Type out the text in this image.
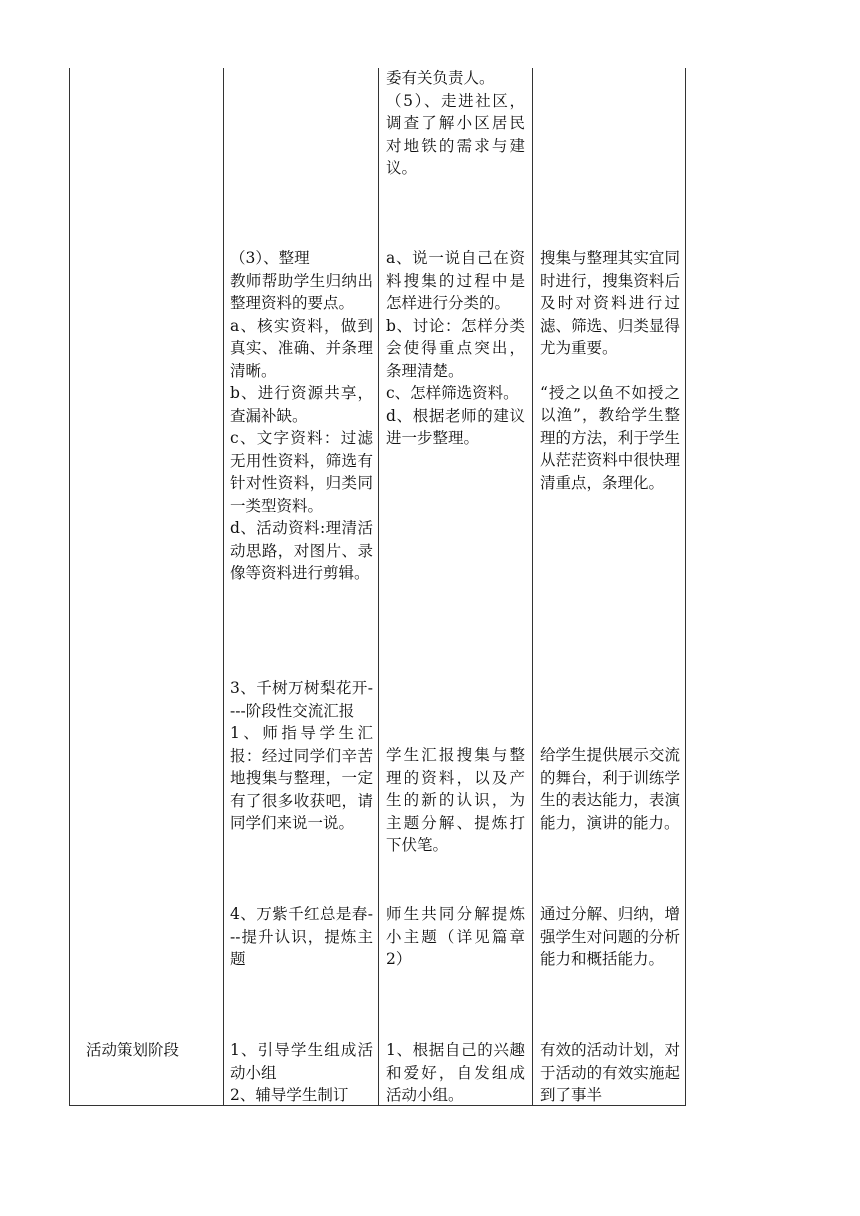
委有关负责人。

（5）、走进社区，调查了解小区居民对地铁的需求与建议。

（3）、整理

教师帮助学生归纳出整理资料的要点。

a、核实资料，做到真实、准确、并条理清晰。

b、进行资源共享，查漏补缺。

c、文字资料：过滤无用性资料，筛选有针对性资料，归类同一类型资料。

d、活动资料:理清活动思路，对图片、录像等资料进行剪辑。

a、说一说自己在资料搜集的过程中是怎样进行分类的。

b、讨论：怎样分类会使得重点突出，条理清楚。

c、怎样筛选资料。

d、根据老师的建议进一步整理。

搜集与整理其实宜同时进行，搜集资料后及时对资料进行过滤、筛选、归类显得尤为重要。

“授之以鱼不如授之以渔”，教给学生整理的方法，利于学生从茫茫资料中很快理清重点，条理化。

3、千树万树梨花开----阶段性交流汇报

1、师指导学生汇报：经过同学们辛苦地搜集与整理，一定有了很多收获吧，请同学们来说一说。

学生汇报搜集与整理的资料，以及产生的新的认识，为主题分解、提炼打下伏笔。

给学生提供展示交流的舞台，利于训练学生的表达能力，表演能力，演讲的能力。

4、万紫千红总是春---提升认识，提炼主题

师生共同分解提炼小主题（详见篇章2）

通过分解、归纳，增强学生对问题的分析能力和概括能力。

活动策划阶段	1、引导学生组成活动小组

2、辅导学生制订

1、根据自己的兴趣和爱好，自发组成活动小组。

有效的活动计划，对于活动的有效实施起到了事半
